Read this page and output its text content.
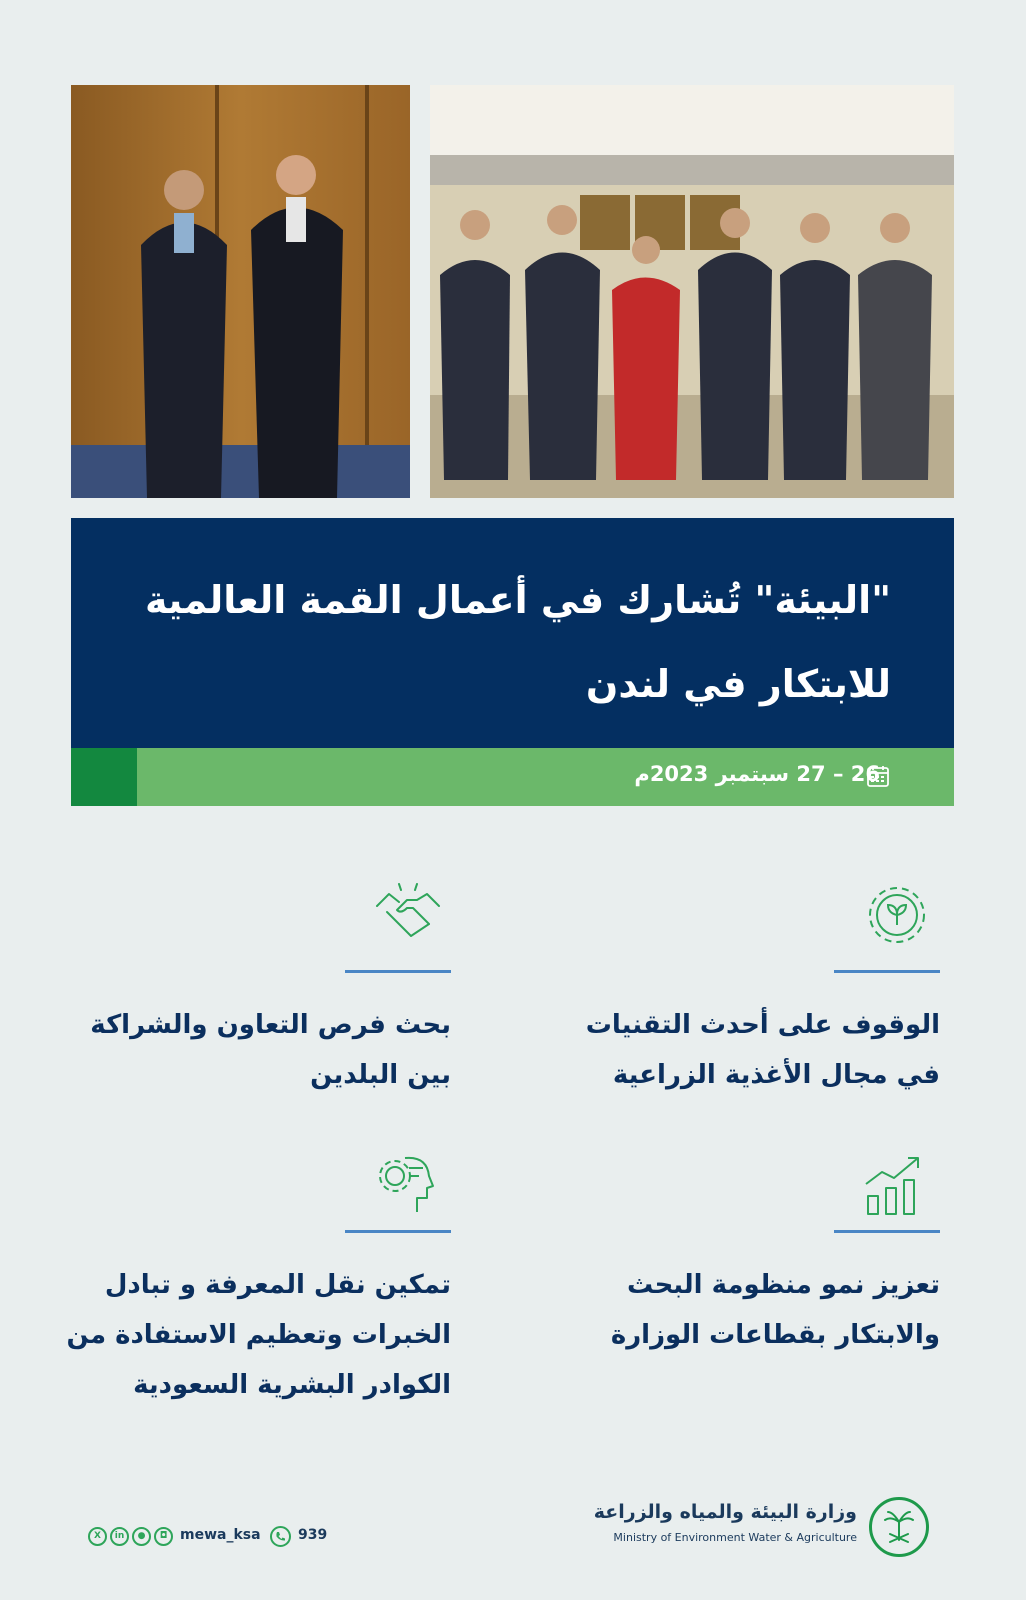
"البيئة" تُشارك في أعمال القمة العالمية
للابتكار في لندن

26 – 27 سبتمبر 2023م

الوقوف على أحدث التقنيات
في مجال الأغذية الزراعية

بحث فرص التعاون والشراكة
بين البلدين

تعزيز نمو منظومة البحث
والابتكار بقطاعات الوزارة

تمكين نقل المعرفة و تبادل
الخبرات وتعظيم الاستفادة من
الكوادر البشرية السعودية

وزارة البيئة والمياه والزراعة
Ministry of Environment Water & Agriculture
X	in	●	◘ mewa_ksa	939
